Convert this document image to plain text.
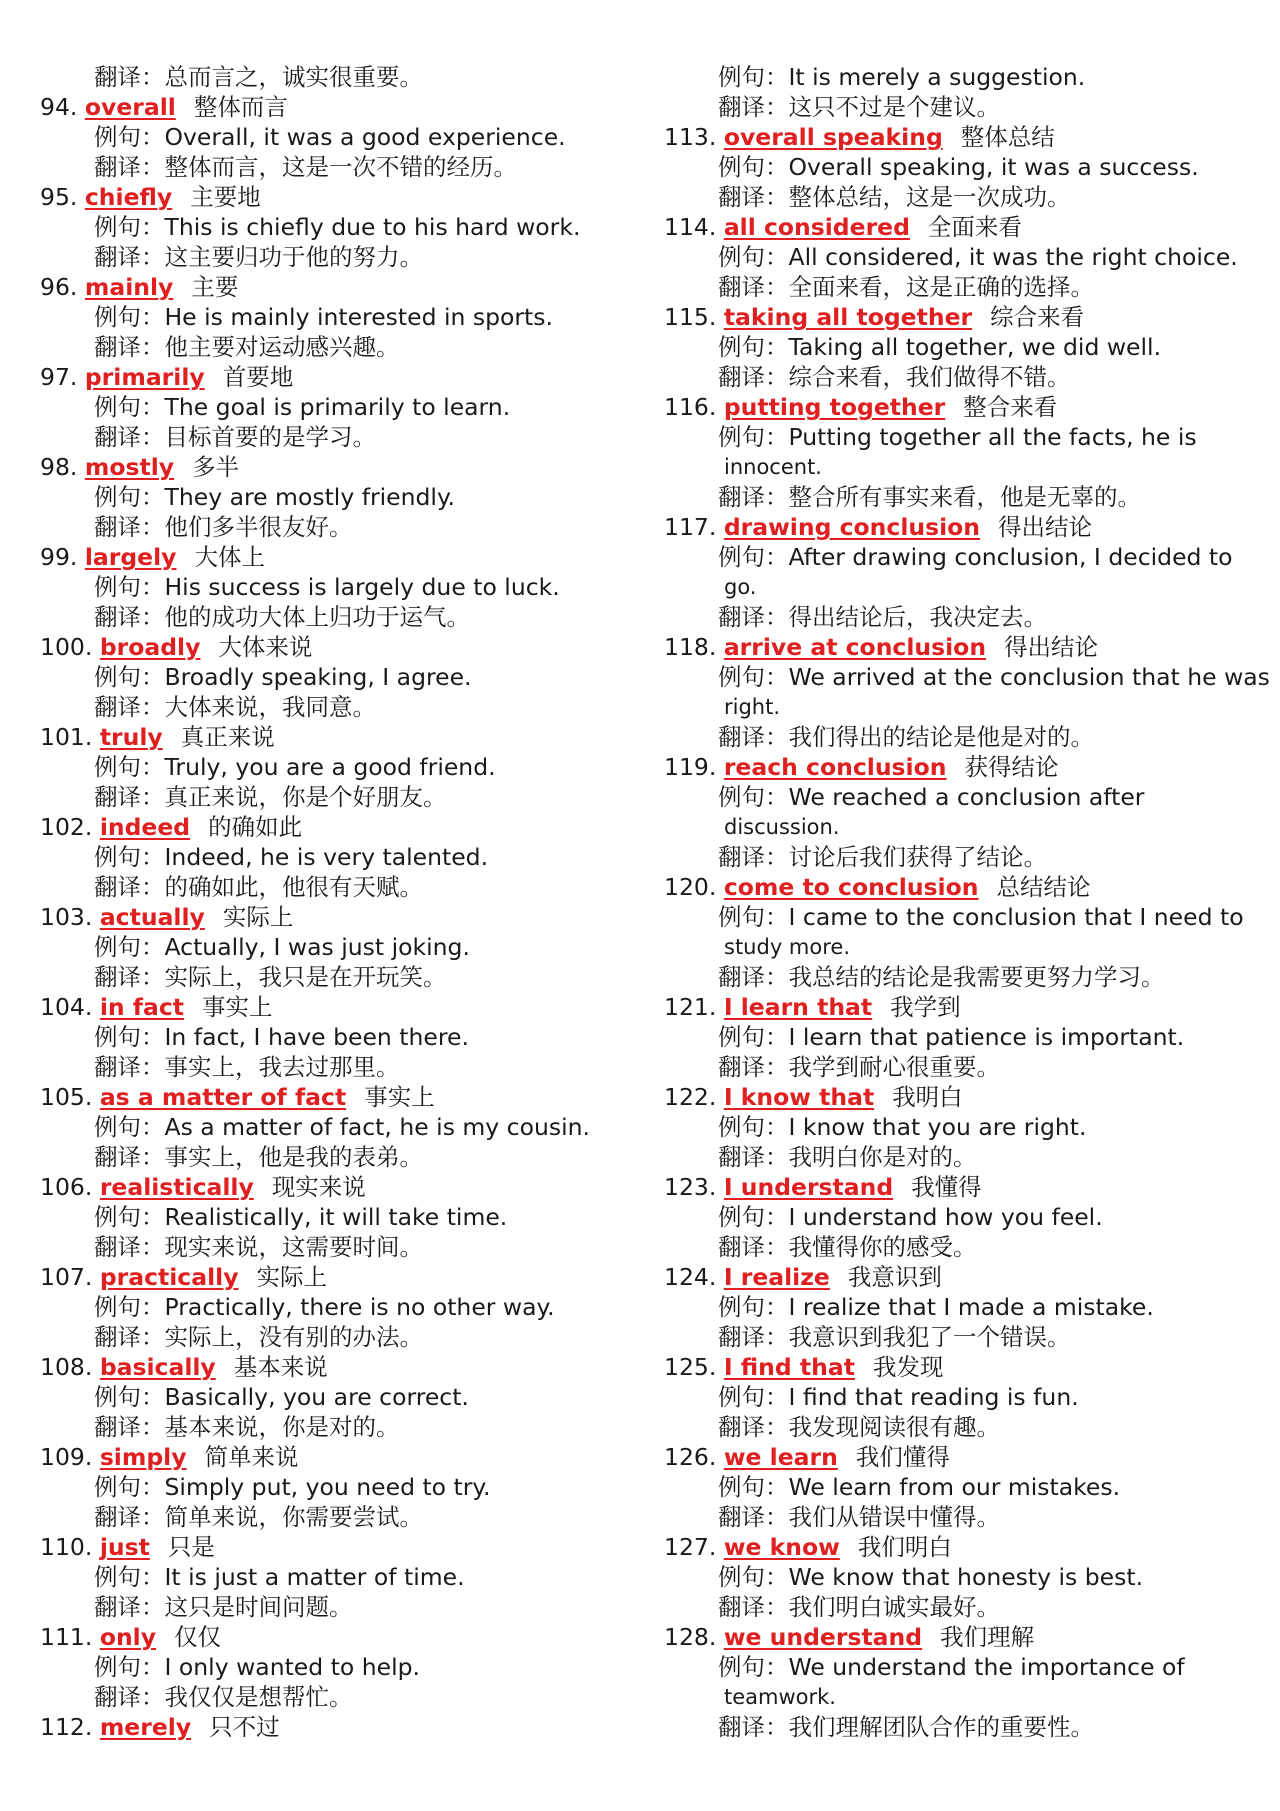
翻译：总而言之，诚实很重要。
94. overall 整体而言
例句：Overall, it was a good experience.
翻译：整体而言，这是一次不错的经历。
95. chiefly 主要地
例句：This is chiefly due to his hard work.
翻译：这主要归功于他的努力。
96. mainly 主要
例句：He is mainly interested in sports.
翻译：他主要对运动感兴趣。
97. primarily 首要地
例句：The goal is primarily to learn.
翻译：目标首要的是学习。
98. mostly 多半
例句：They are mostly friendly.
翻译：他们多半很友好。
99. largely 大体上
例句：His success is largely due to luck.
翻译：他的成功大体上归功于运气。
100. broadly 大体来说
例句：Broadly speaking, I agree.
翻译：大体来说，我同意。
101. truly 真正来说
例句：Truly, you are a good friend.
翻译：真正来说，你是个好朋友。
102. indeed 的确如此
例句：Indeed, he is very talented.
翻译：的确如此，他很有天赋。
103. actually 实际上
例句：Actually, I was just joking.
翻译：实际上，我只是在开玩笑。
104. in fact 事实上
例句：In fact, I have been there.
翻译：事实上，我去过那里。
105. as a matter of fact 事实上
例句：As a matter of fact, he is my cousin.
翻译：事实上，他是我的表弟。
106. realistically 现实来说
例句：Realistically, it will take time.
翻译：现实来说，这需要时间。
107. practically 实际上
例句：Practically, there is no other way.
翻译：实际上，没有别的办法。
108. basically 基本来说
例句：Basically, you are correct.
翻译：基本来说，你是对的。
109. simply 简单来说
例句：Simply put, you need to try.
翻译：简单来说，你需要尝试。
110. just 只是
例句：It is just a matter of time.
翻译：这只是时间问题。
111. only 仅仅
例句：I only wanted to help.
翻译：我仅仅是想帮忙。
112. merely 只不过
例句：It is merely a suggestion.
翻译：这只不过是个建议。
113. overall speaking 整体总结
例句：Overall speaking, it was a success.
翻译：整体总结，这是一次成功。
114. all considered 全面来看
例句：All considered, it was the right choice.
翻译：全面来看，这是正确的选择。
115. taking all together 综合来看
例句：Taking all together, we did well.
翻译：综合来看，我们做得不错。
116. putting together 整合来看
例句：Putting together all the facts, he is
innocent.
翻译：整合所有事实来看，他是无辜的。
117. drawing conclusion 得出结论
例句：After drawing conclusion, I decided to
go.
翻译：得出结论后，我决定去。
118. arrive at conclusion 得出结论
例句：We arrived at the conclusion that he was
right.
翻译：我们得出的结论是他是对的。
119. reach conclusion 获得结论
例句：We reached a conclusion after
discussion.
翻译：讨论后我们获得了结论。
120. come to conclusion 总结结论
例句：I came to the conclusion that I need to
study more.
翻译：我总结的结论是我需要更努力学习。
121. I learn that 我学到
例句：I learn that patience is important.
翻译：我学到耐心很重要。
122. I know that 我明白
例句：I know that you are right.
翻译：我明白你是对的。
123. I understand 我懂得
例句：I understand how you feel.
翻译：我懂得你的感受。
124. I realize 我意识到
例句：I realize that I made a mistake.
翻译：我意识到我犯了一个错误。
125. I find that 我发现
例句：I find that reading is fun.
翻译：我发现阅读很有趣。
126. we learn 我们懂得
例句：We learn from our mistakes.
翻译：我们从错误中懂得。
127. we know 我们明白
例句：We know that honesty is best.
翻译：我们明白诚实最好。
128. we understand 我们理解
例句：We understand the importance of
teamwork.
翻译：我们理解团队合作的重要性。
